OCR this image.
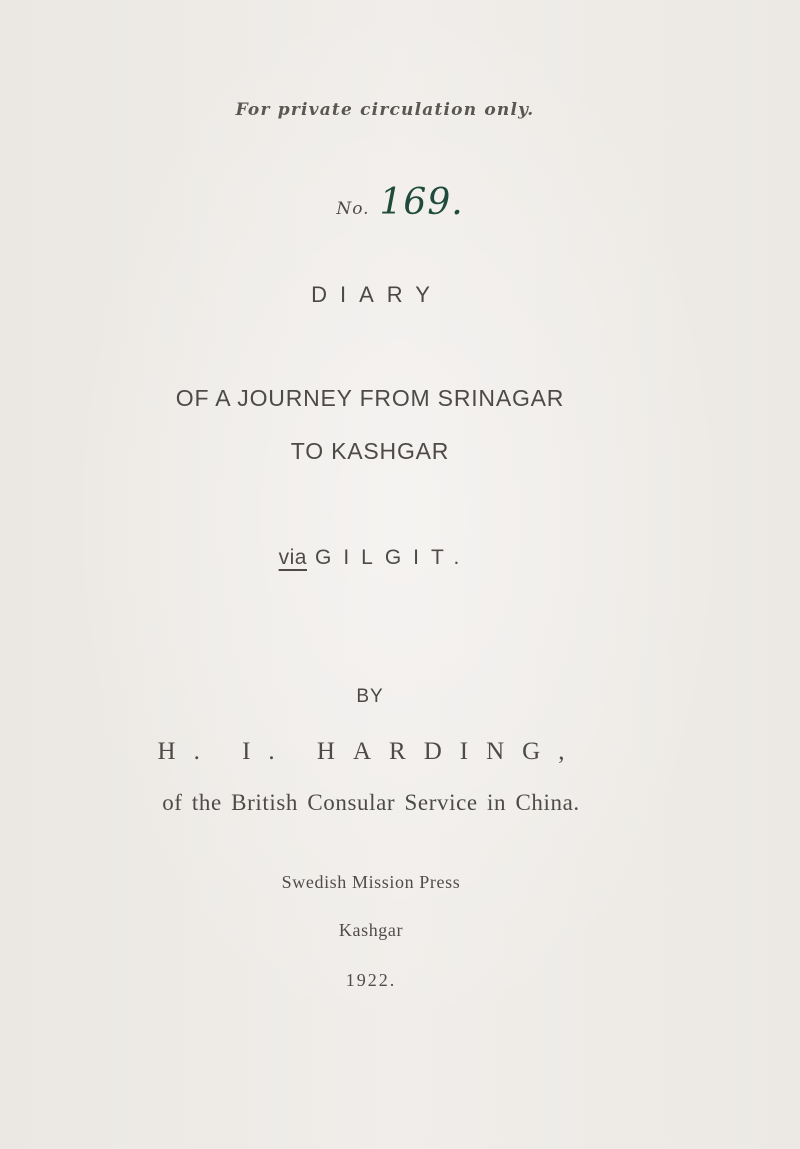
For private circulation only.
No. 169.
DIARY
OF A JOURNEY FROM SRINAGAR
TO KASHGAR
via GILGIT.
BY
H. I. HARDING,
of the British Consular Service in China.
Swedish Mission Press
Kashgar
1922.
